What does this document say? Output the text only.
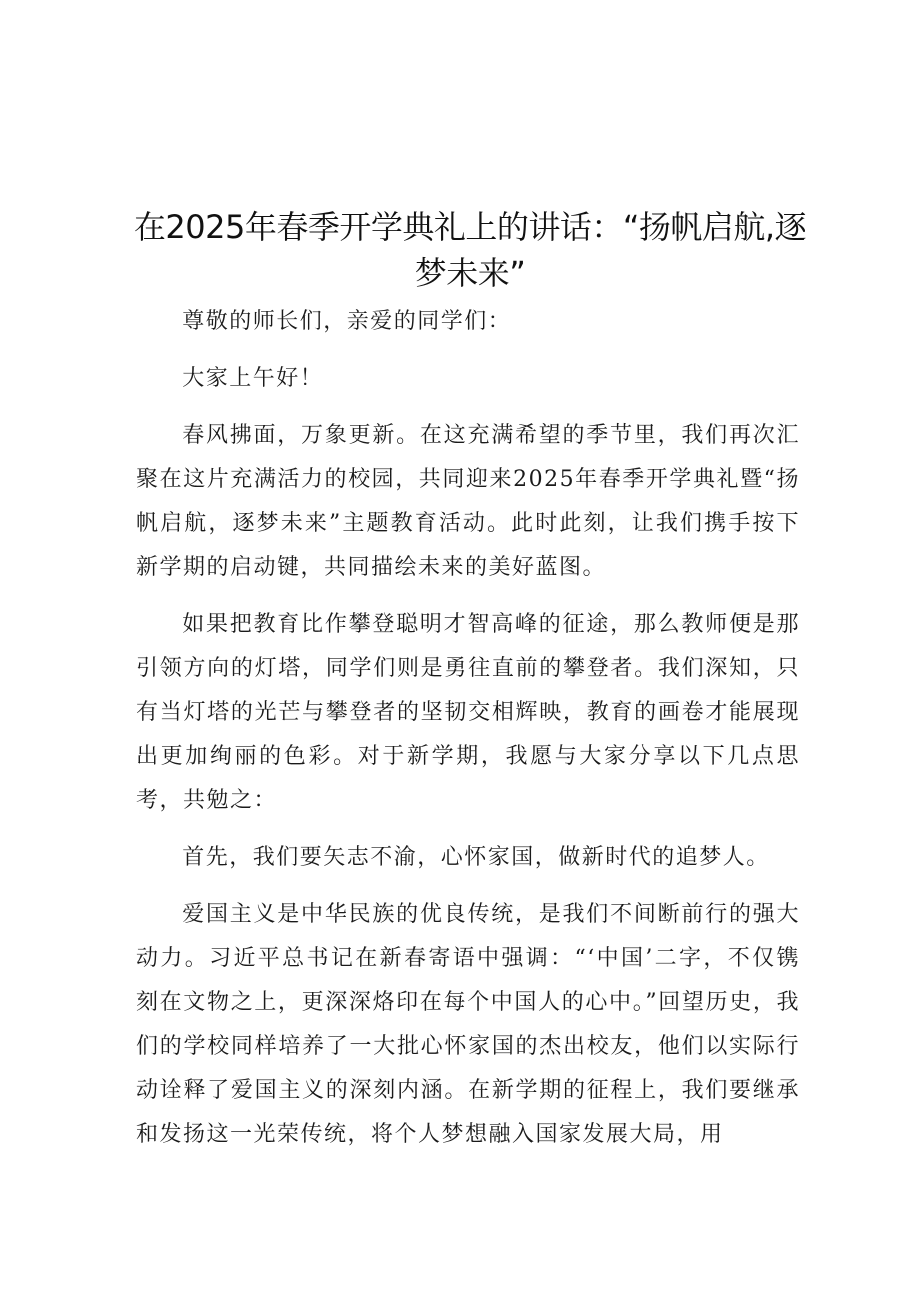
在2025年春季开学典礼上的讲话：“扬帆启航,逐梦未来”

尊敬的师长们，亲爱的同学们：

大家上午好！

春风拂面，万象更新。在这充满希望的季节里，我们再次汇聚在这片充满活力的校园，共同迎来2025年春季开学典礼暨“扬帆启航，逐梦未来”主题教育活动。此时此刻，让我们携手按下新学期的启动键，共同描绘未来的美好蓝图。

如果把教育比作攀登聪明才智高峰的征途，那么教师便是那引领方向的灯塔，同学们则是勇往直前的攀登者。我们深知，只有当灯塔的光芒与攀登者的坚韧交相辉映，教育的画卷才能展现出更加绚丽的色彩。对于新学期，我愿与大家分享以下几点思考，共勉之：

首先，我们要矢志不渝，心怀家国，做新时代的追梦人。

爱国主义是中华民族的优良传统，是我们不间断前行的强大动力。习近平总书记在新春寄语中强调：“‘中国’二字，不仅镌刻在文物之上，更深深烙印在每个中国人的心中。”回望历史，我们的学校同样培养了一大批心怀家国的杰出校友，他们以实际行动诠释了爱国主义的深刻内涵。在新学期的征程上，我们要继承和发扬这一光荣传统，将个人梦想融入国家发展大局，用
